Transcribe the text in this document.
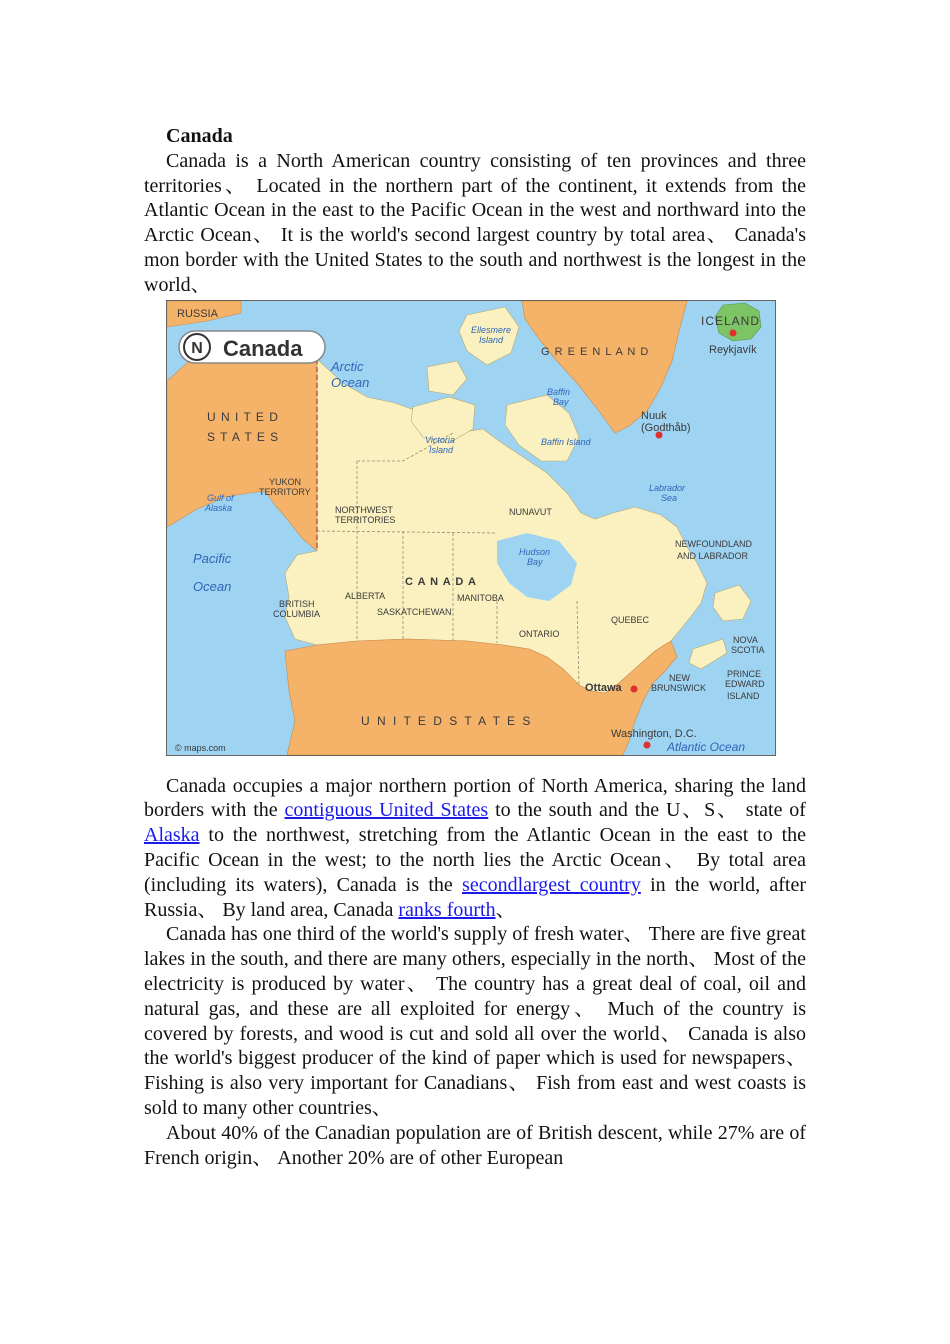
Canada

Canada is a North American country consisting of ten provinces and three territories、 Located in the northern part of the continent, it extends from the Atlantic Ocean in the east to the Pacific Ocean in the west and northward into the Arctic Ocean、 It is the world's second largest country by total area、 Canada's mon border with the United States to the south and northwest is the longest in the world、

N Canada
RUSSIA	ICELAND
Reykjavík
G R E E N L A N D
Ellesmere
Island
Arctic
Ocean
U N I T E D
S T A T E S
Baffin
Bay
Baffin Island
Nuuk
(Godthåb)
Victoria
Island
YUKON
TERRITORY
Gulf of
Alaska
Labrador
Sea
NORTHWEST
TERRITORIES
NUNAVUT
NEWFOUNDLAND
AND LABRADOR
Hudson
Bay
Pacific
Ocean	C A N A D A
ALBERTA	MANITOBA
BRITISH
COLUMBIA	SASKATCHEWAN
QUEBEC
ONTARIO
NOVA
SCOTIA
PRINCE
EDWARD
ISLAND
NEW
BRUNSWICK
Ottawa
U N I T E D S T A T E S
Washington, D.C.
Atlantic Ocean
© maps.com

Canada occupies a major northern portion of North America, sharing the land borders with the contiguous United States to the south and the U、S、 state of Alaska to the northwest, stretching from the Atlantic Ocean in the east to the Pacific Ocean in the west; to the north lies the Arctic Ocean、 By total area (including its waters), Canada is the secondlargest country in the world, after Russia、 By land area, Canada ranks fourth、

Canada has one third of the world's supply of fresh water、 There are five great lakes in the south, and there are many others, especially in the north、 Most of the electricity is produced by water、 The country has a great deal of coal, oil and natural gas, and these are all exploited for energy、 Much of the country is covered by forests, and wood is cut and sold all over the world、 Canada is also the world's biggest producer of the kind of paper which is used for newspapers、 Fishing is also very important for Canadians、 Fish from east and west coasts is sold to many other countries、

About 40% of the Canadian population are of British descent, while 27% are of French origin、 Another 20% are of other European
